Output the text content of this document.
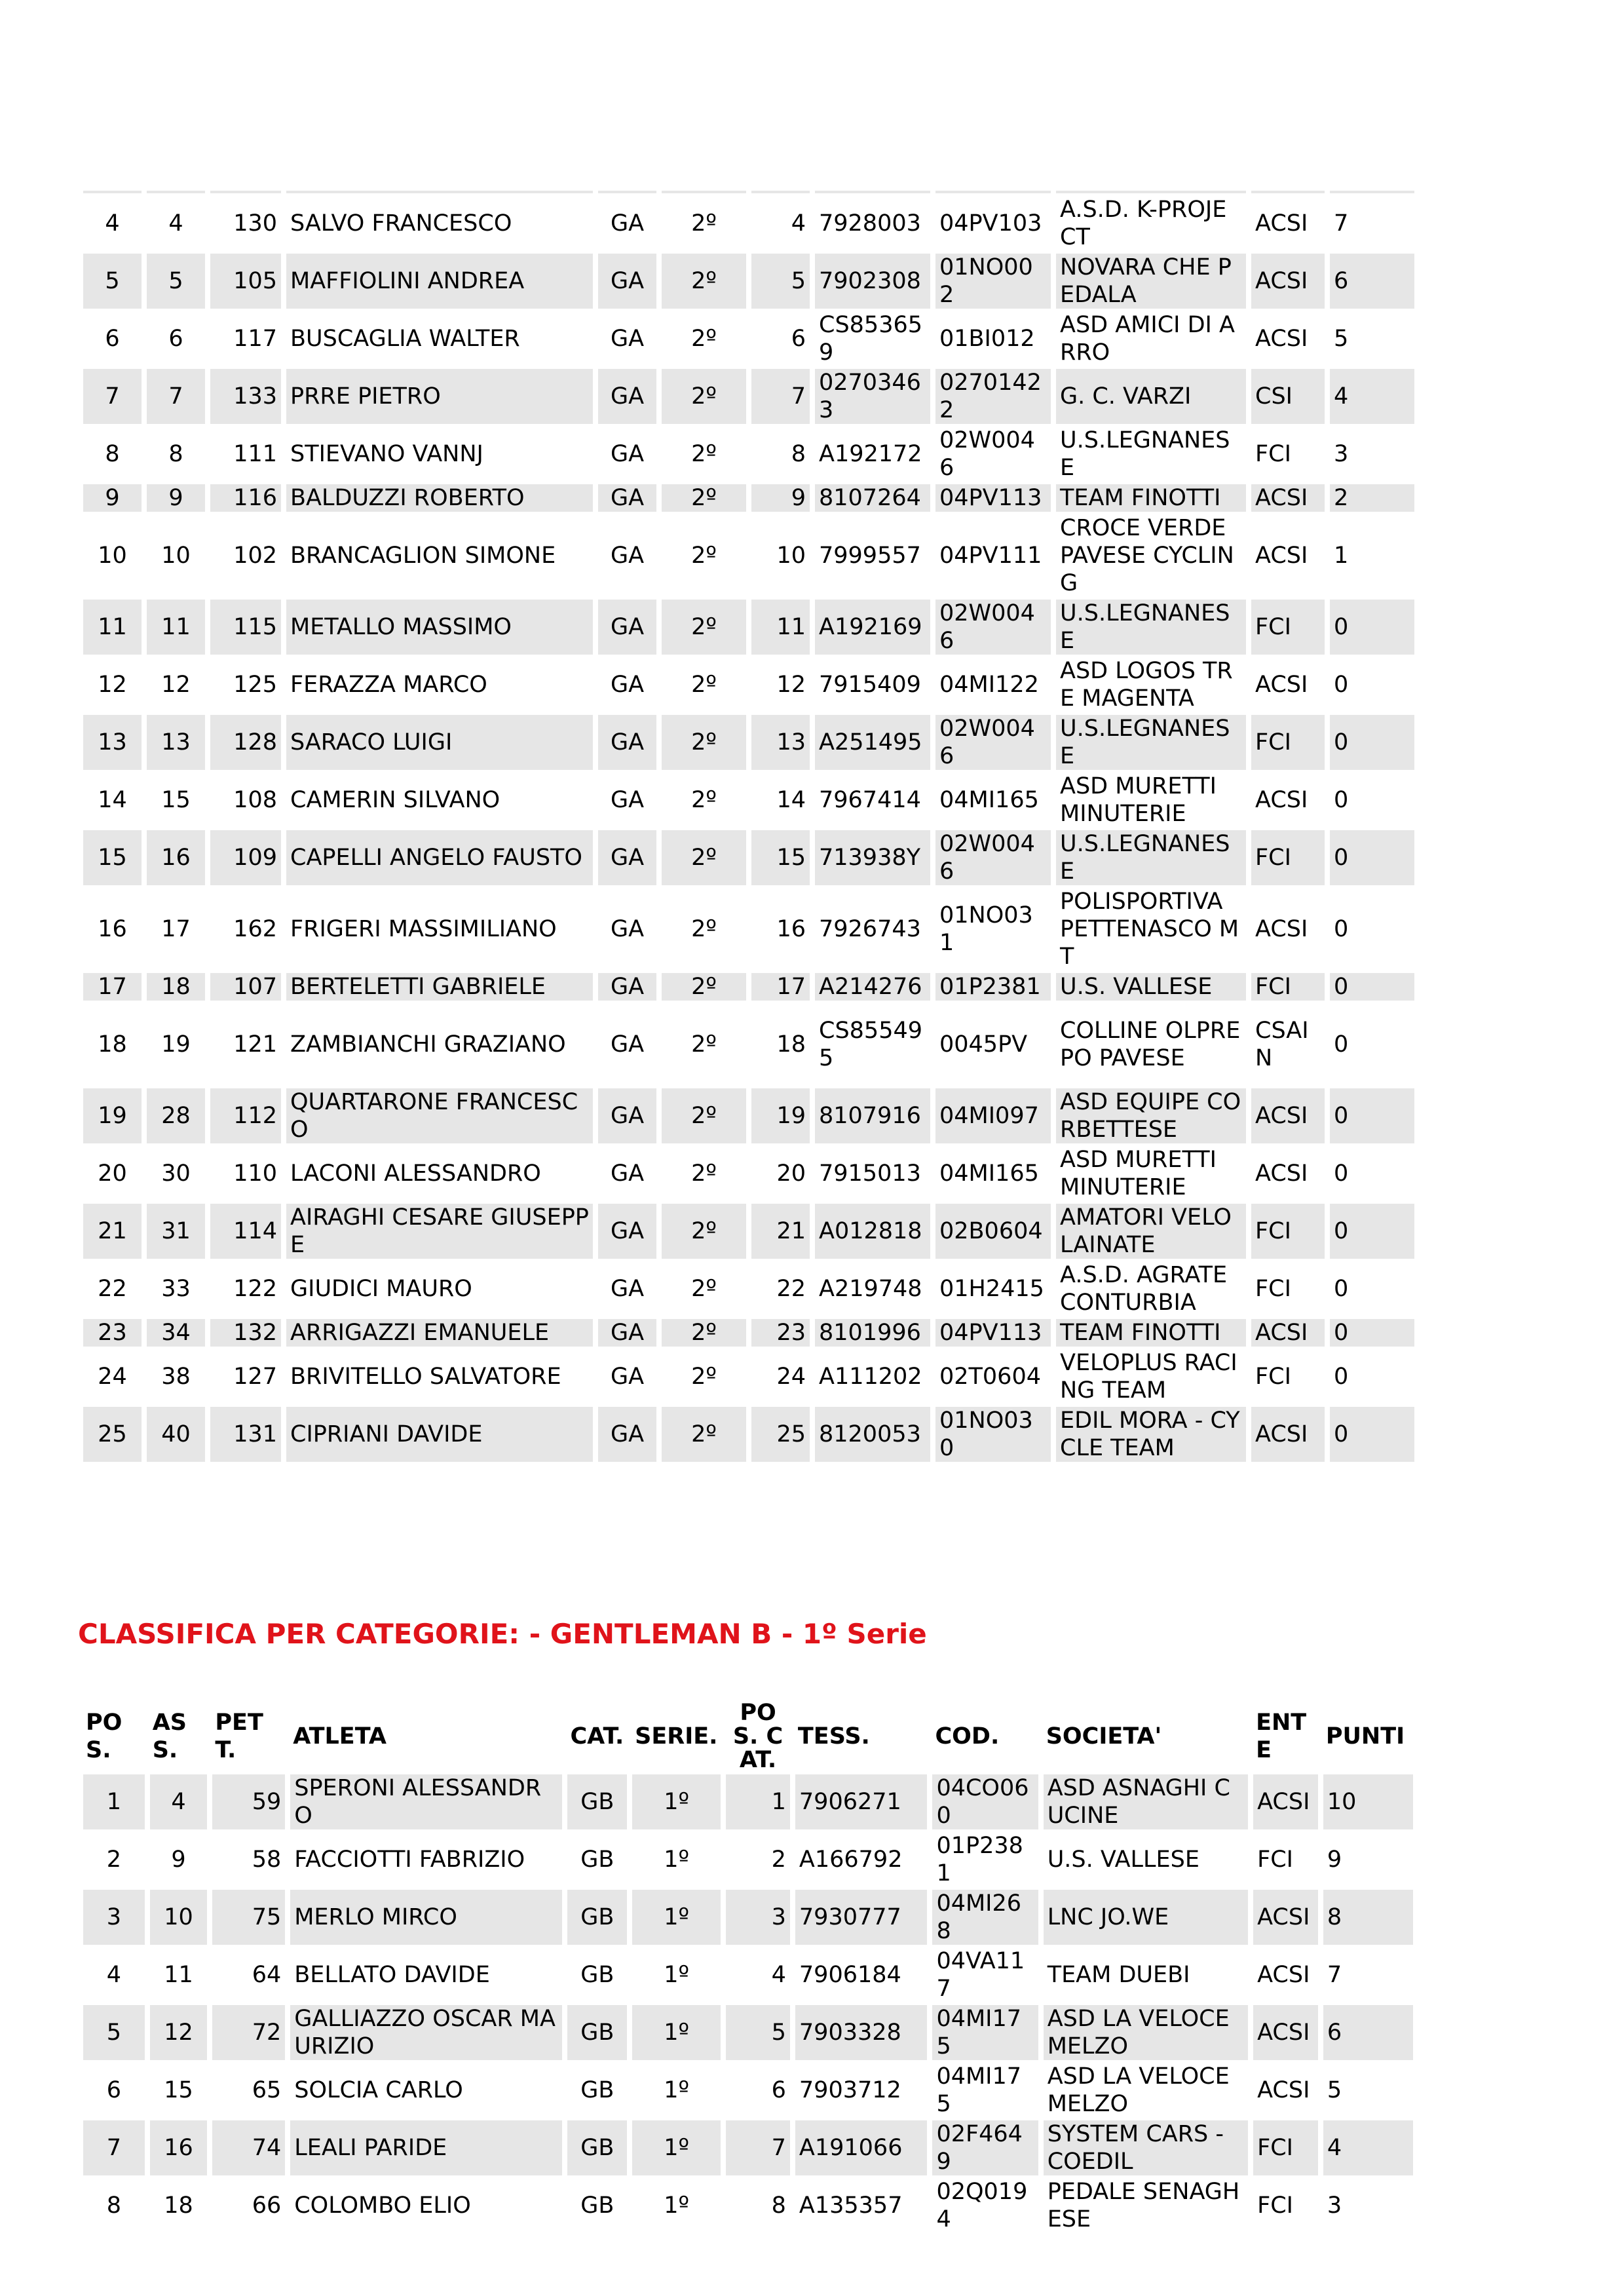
4	4	130	SALVO FRANCESCO	GA	2º	4	7928003	04PV103	A.S.D. K-PROJECT	ACSI	7
5	5	105	MAFFIOLINI ANDREA	GA	2º	5	7902308	01NO002	NOVARA CHE PEDALA	ACSI	6
6	6	117	BUSCAGLIA WALTER	GA	2º	6	CS853659	01BI012	ASD AMICI DI ARRO	ACSI	5
7	7	133	PRRE PIETRO	GA	2º	7	02703463	02701422	G. C. VARZI	CSI	4
8	8	111	STIEVANO VANNJ	GA	2º	8	A192172	02W0046	U.S.LEGNANESE	FCI	3
9	9	116	BALDUZZI ROBERTO	GA	2º	9	8107264	04PV113	TEAM FINOTTI	ACSI	2
10	10	102	BRANCAGLION SIMONE	GA	2º	10	7999557	04PV111	CROCE VERDE PAVESE CYCLING	ACSI	1
11	11	115	METALLO MASSIMO	GA	2º	11	A192169	02W0046	U.S.LEGNANESE	FCI	0
12	12	125	FERAZZA MARCO	GA	2º	12	7915409	04MI122	ASD LOGOS TRE MAGENTA	ACSI	0
13	13	128	SARACO LUIGI	GA	2º	13	A251495	02W0046	U.S.LEGNANESE	FCI	0
14	15	108	CAMERIN SILVANO	GA	2º	14	7967414	04MI165	ASD MURETTI MINUTERIE	ACSI	0
15	16	109	CAPELLI ANGELO FAUSTO	GA	2º	15	713938Y	02W0046	U.S.LEGNANESE	FCI	0
16	17	162	FRIGERI MASSIMILIANO	GA	2º	16	7926743	01NO031	POLISPORTIVA PETTENASCO MT	ACSI	0
17	18	107	BERTELETTI GABRIELE	GA	2º	17	A214276	01P2381	U.S. VALLESE	FCI	0
18	19	121	ZAMBIANCHI GRAZIANO	GA	2º	18	CS855495	0045PV	COLLINE OLPREPO PAVESE	CSAIN	0
19	28	112	QUARTARONE FRANCESCO	GA	2º	19	8107916	04MI097	ASD EQUIPE CORBETTESE	ACSI	0
20	30	110	LACONI ALESSANDRO	GA	2º	20	7915013	04MI165	ASD MURETTI MINUTERIE	ACSI	0
21	31	114	AIRAGHI CESARE GIUSEPPE	GA	2º	21	A012818	02B0604	AMATORI VELO LAINATE	FCI	0
22	33	122	GIUDICI MAURO	GA	2º	22	A219748	01H2415	A.S.D. AGRATE CONTURBIA	FCI	0
23	34	132	ARRIGAZZI EMANUELE	GA	2º	23	8101996	04PV113	TEAM FINOTTI	ACSI	0
24	38	127	BRIVITELLO SALVATORE	GA	2º	24	A111202	02T0604	VELOPLUS RACING TEAM	FCI	0
25	40	131	CIPRIANI DAVIDE	GA	2º	25	8120053	01NO030	EDIL MORA - CYCLE TEAM	ACSI	0
CLASSIFICA PER CATEGORIE: - GENTLEMAN B - 1º Serie
POS.	ASS.	PETT.	ATLETA	CAT.	SERIE.	POS. CAT.	TESS.	COD.	SOCIETA'	ENTE	PUNTI
1	4	59	SPERONI ALESSANDRO	GB	1º	1	7906271	04CO060	ASD ASNAGHI CUCINE	ACSI	10
2	9	58	FACCIOTTI FABRIZIO	GB	1º	2	A166792	01P2381	U.S. VALLESE	FCI	9
3	10	75	MERLO MIRCO	GB	1º	3	7930777	04MI268	LNC JO.WE	ACSI	8
4	11	64	BELLATO DAVIDE	GB	1º	4	7906184	04VA117	TEAM DUEBI	ACSI	7
5	12	72	GALLIAZZO OSCAR MAURIZIO	GB	1º	5	7903328	04MI175	ASD LA VELOCE MELZO	ACSI	6
6	15	65	SOLCIA CARLO	GB	1º	6	7903712	04MI175	ASD LA VELOCE MELZO	ACSI	5
7	16	74	LEALI PARIDE	GB	1º	7	A191066	02F4649	SYSTEM CARS - COEDIL	FCI	4
8	18	66	COLOMBO ELIO	GB	1º	8	A135357	02Q0194	PEDALE SENAGHESE	FCI	3
